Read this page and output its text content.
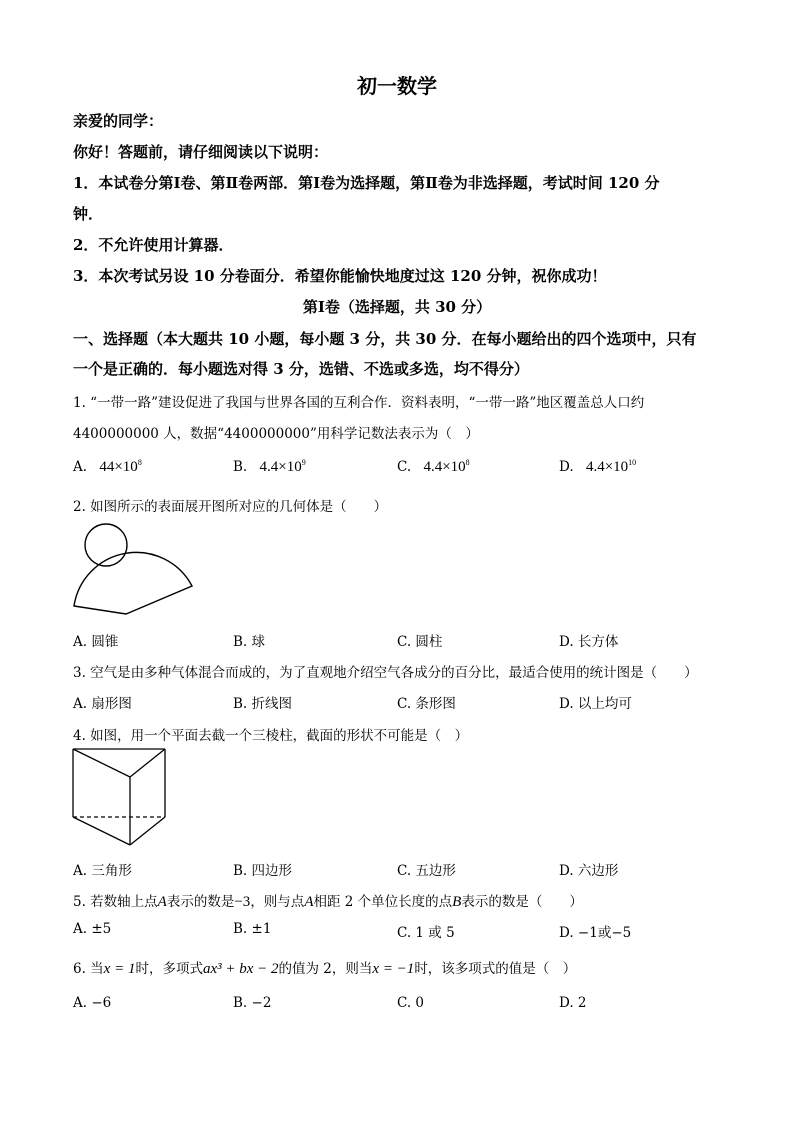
初一数学
亲爱的同学：
你好！答题前，请仔细阅读以下说明：
1．本试卷分第Ⅰ卷、第Ⅱ卷两部．第Ⅰ卷为选择题，第Ⅱ卷为非选择题，考试时间 120 分
钟．
2．不允许使用计算器．
3．本次考试另设 10 分卷面分．希望你能愉快地度过这 120 分钟，祝你成功！
第Ⅰ卷（选择题，共 30 分）
一、选择题（本大题共 10 小题，每小题 3 分，共 30 分．在每小题给出的四个选项中，只有
一个是正确的．每小题选对得 3 分，选错、不选或多选，均不得分）
1. “一带一路”建设促进了我国与世界各国的互利合作．资料表明，“一带一路”地区覆盖总人口约
4400000000 人，数据“4400000000”用科学记数法表示为（　）
A. $44\times 10^8$	B. $4.4\times 10^9$	C. $4.4\times 10^8$	D. $4.4\times 10^{10}$
2. 如图所示的表面展开图所对应的几何体是（　　）
A. 圆锥	B. 球	C. 圆柱	D. 长方体
3. 空气是由多种气体混合而成的，为了直观地介绍空气各成分的百分比，最适合使用的统计图是（　　）
A. 扇形图	B. 折线图	C. 条形图	D. 以上均可
4. 如图，用一个平面去截一个三棱柱，截面的形状不可能是（　）
A. 三角形	B. 四边形	C. 五边形	D. 六边形
5. 若数轴上点A表示的数是−3，则与点A相距 2 个单位长度的点B表示的数是（　　）
A. ±5	B. ±1	C. 1 或 5	D. −1或−5
6. 当x = 1时，多项式ax³ + bx − 2的值为 2，则当x = −1时，该多项式的值是（　）
A. −6	B. −2	C. 0	D. 2
